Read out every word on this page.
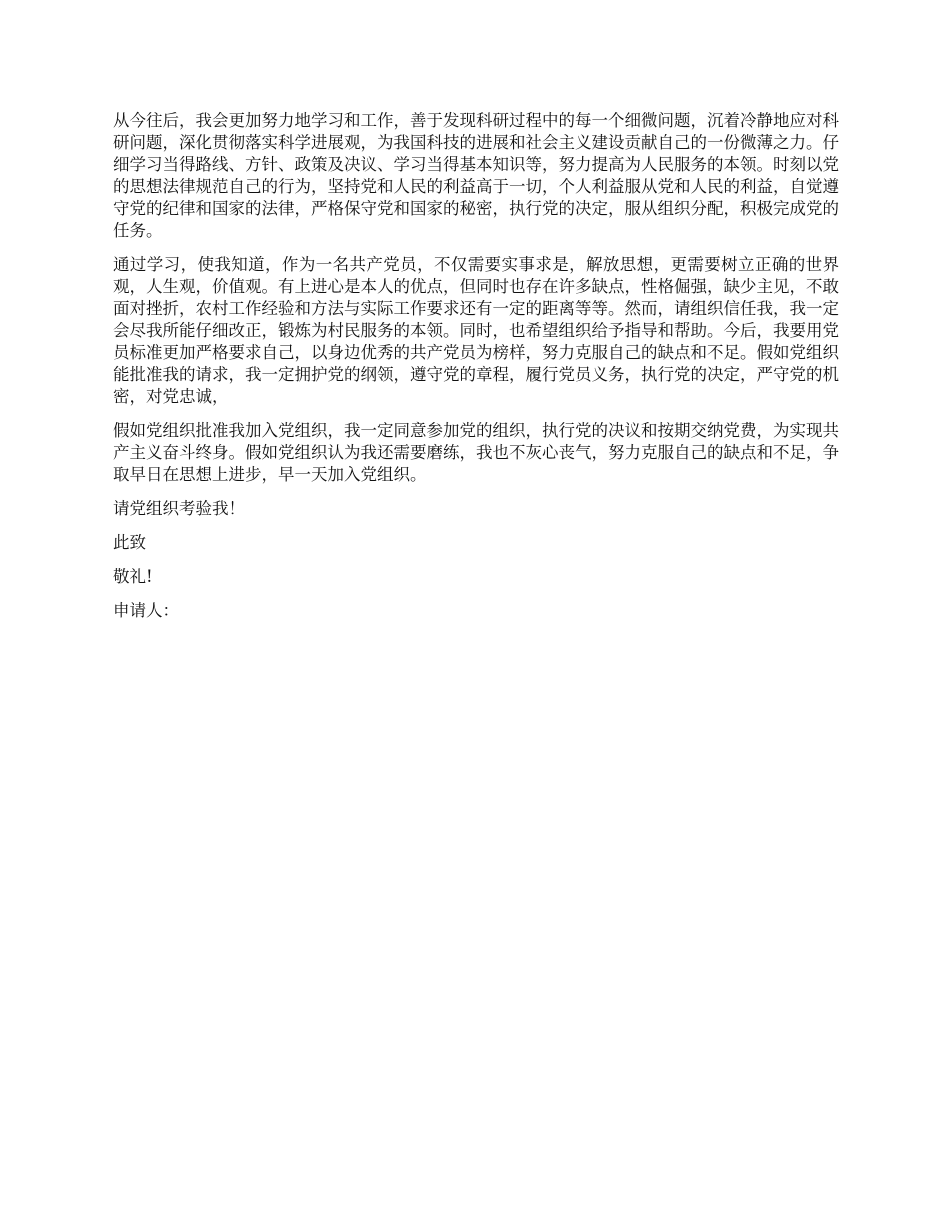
从今往后，我会更加努力地学习和工作，善于发现科研过程中的每一个细微问题，沉着冷静地应对科研问题，深化贯彻落实科学进展观，为我国科技的进展和社会主义建设贡献自己的一份微薄之力。仔细学习当得路线、方针、政策及决议、学习当得基本知识等，努力提高为人民服务的本领。时刻以党的思想法律规范自己的行为，坚持党和人民的利益高于一切，个人利益服从党和人民的利益，自觉遵守党的纪律和国家的法律，严格保守党和国家的秘密，执行党的决定，服从组织分配，积极完成党的任务。

通过学习，使我知道，作为一名共产党员，不仅需要实事求是，解放思想，更需要树立正确的世界观，人生观，价值观。有上进心是本人的优点，但同时也存在许多缺点，性格倔强，缺少主见，不敢面对挫折，农村工作经验和方法与实际工作要求还有一定的距离等等。然而，请组织信任我，我一定会尽我所能仔细改正，锻炼为村民服务的本领。同时，也希望组织给予指导和帮助。今后，我要用党员标准更加严格要求自己，以身边优秀的共产党员为榜样，努力克服自己的缺点和不足。假如党组织能批准我的请求，我一定拥护党的纲领，遵守党的章程，履行党员义务，执行党的决定，严守党的机密，对党忠诚，

假如党组织批准我加入党组织，我一定同意参加党的组织，执行党的决议和按期交纳党费，为实现共产主义奋斗终身。假如党组织认为我还需要磨练，我也不灰心丧气，努力克服自己的缺点和不足，争取早日在思想上进步，早一天加入党组织。

请党组织考验我！

此致

敬礼!

申请人：
